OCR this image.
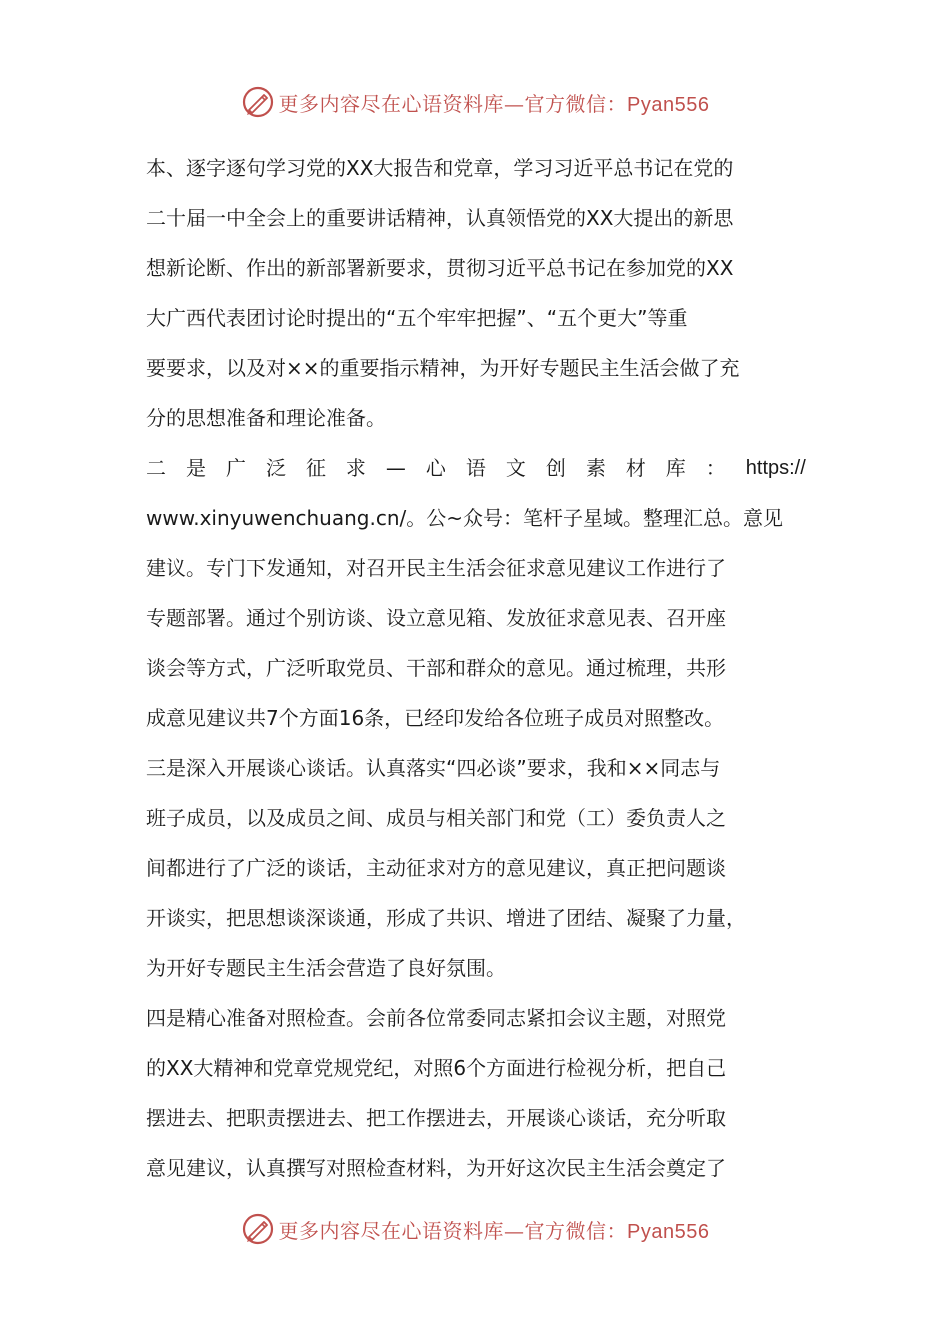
更多内容尽在心语资料库—官方微信：Pyan556
本、逐字逐句学习党的XX大报告和党章，学习习近平总书记在党的
二十届一中全会上的重要讲话精神，认真领悟党的XX大提出的新思
想新论断、作出的新部署新要求，贯彻习近平总书记在参加党的XX
大广西代表团讨论时提出的“五个牢牢把握”、“五个更大”等重
要要求，以及对××的重要指示精神，为开好专题民主生活会做了充
分的思想准备和理论准备。
二 是 广 泛 征 求 — 心 语 文 创 素 材 库 ： https://
www.xinyuwenchuang.cn/。公~众号：笔杆子星域。整理汇总。意见
建议。专门下发通知，对召开民主生活会征求意见建议工作进行了
专题部署。通过个别访谈、设立意见箱、发放征求意见表、召开座
谈会等方式，广泛听取党员、干部和群众的意见。通过梳理，共形
成意见建议共7个方面16条，已经印发给各位班子成员对照整改。
三是深入开展谈心谈话。认真落实“四必谈”要求，我和××同志与
班子成员，以及成员之间、成员与相关部门和党（工）委负责人之
间都进行了广泛的谈话，主动征求对方的意见建议，真正把问题谈
开谈实，把思想谈深谈通，形成了共识、增进了团结、凝聚了力量，
为开好专题民主生活会营造了良好氛围。
四是精心准备对照检查。会前各位常委同志紧扣会议主题，对照党
的XX大精神和党章党规党纪，对照6个方面进行检视分析，把自己
摆进去、把职责摆进去、把工作摆进去，开展谈心谈话，充分听取
意见建议，认真撰写对照检查材料，为开好这次民主生活会奠定了
更多内容尽在心语资料库—官方微信：Pyan556
